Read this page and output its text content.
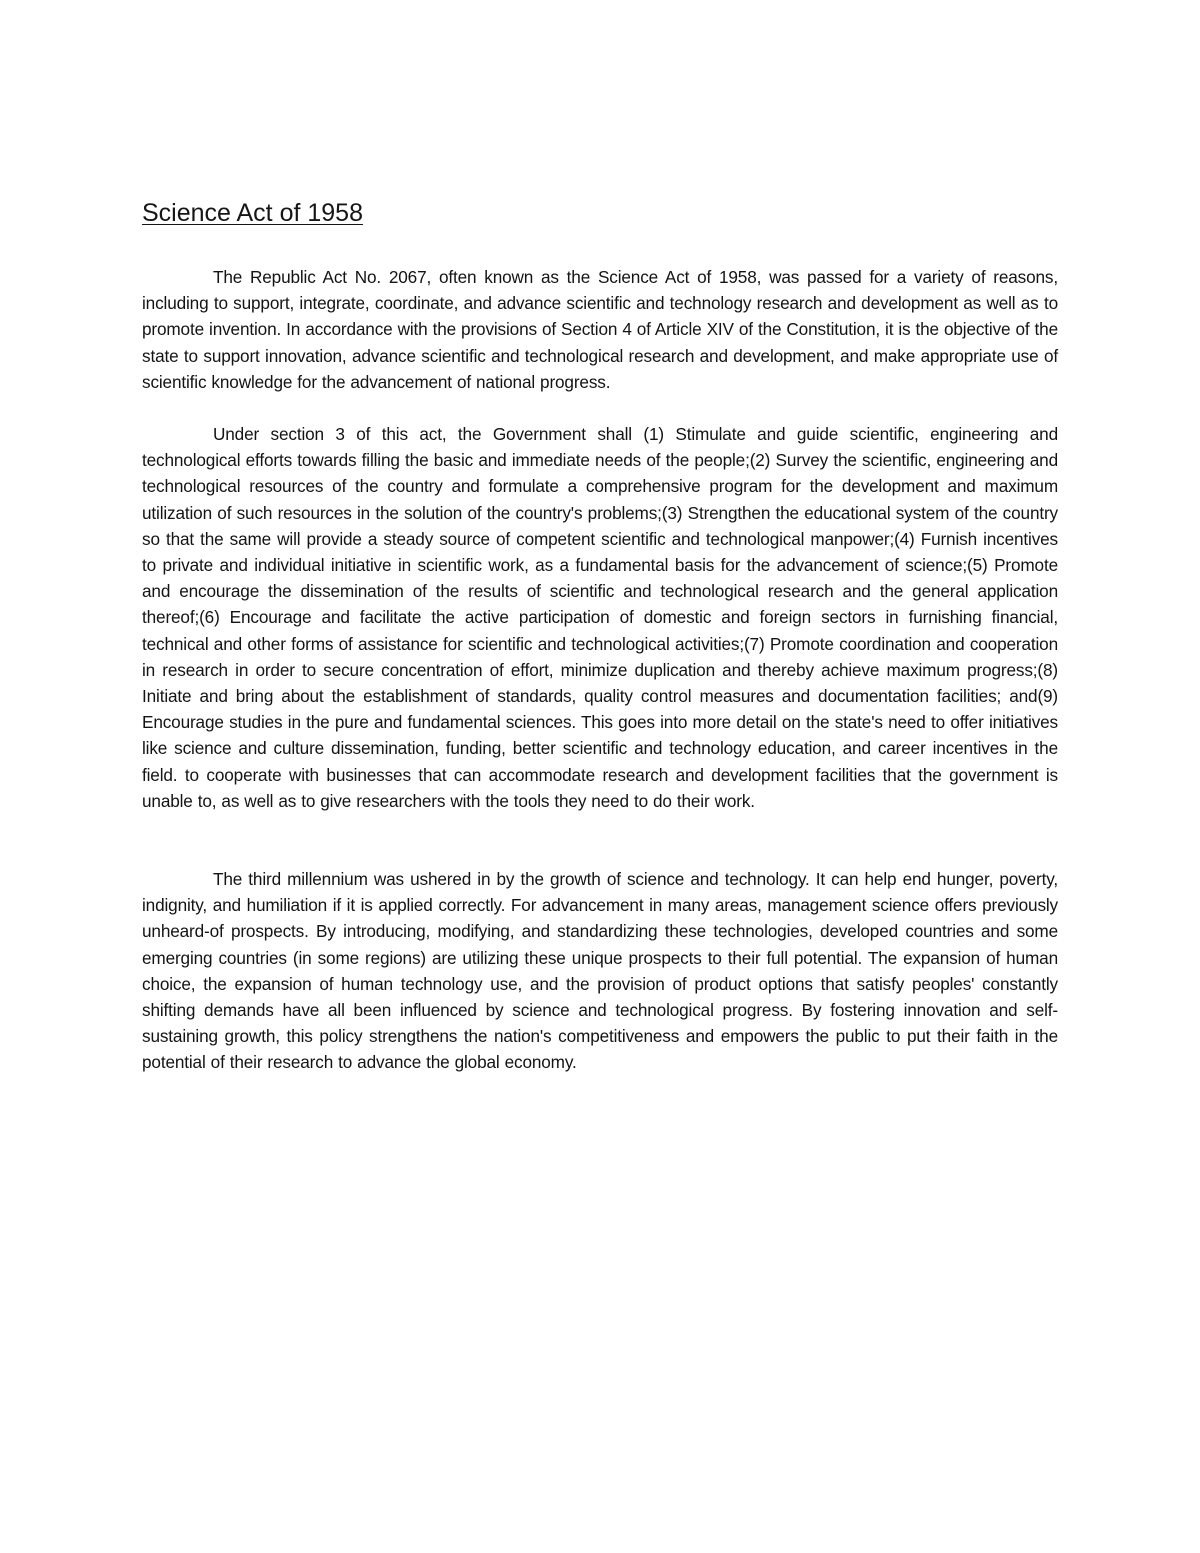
Science Act of 1958

The Republic Act No. 2067, often known as the Science Act of 1958, was passed for a variety of reasons, including to support, integrate, coordinate, and advance scientific and technology research and development as well as to promote invention. In accordance with the provisions of Section 4 of Article XIV of the Constitution, it is the objective of the state to support innovation, advance scientific and technological research and development, and make appropriate use of scientific knowledge for the advancement of national progress.

Under section 3 of this act, the Government shall (1) Stimulate and guide scientific, engineering and technological efforts towards filling the basic and immediate needs of the people;(2) Survey the scientific, engineering and technological resources of the country and formulate a comprehensive program for the development and maximum utilization of such resources in the solution of the country's problems;(3) Strengthen the educational system of the country so that the same will provide a steady source of competent scientific and technological manpower;(4) Furnish incentives to private and individual initiative in scientific work, as a fundamental basis for the advancement of science;(5) Promote and encourage the dissemination of the results of scientific and technological research and the general application thereof;(6) Encourage and facilitate the active participation of domestic and foreign sectors in furnishing financial, technical and other forms of assistance for scientific and technological activities;(7) Promote coordination and cooperation in research in order to secure concentration of effort, minimize duplication and thereby achieve maximum progress;(8) Initiate and bring about the establishment of standards, quality control measures and documentation facilities; and(9) Encourage studies in the pure and fundamental sciences. This goes into more detail on the state's need to offer initiatives like science and culture dissemination, funding, better scientific and technology education, and career incentives in the field. to cooperate with businesses that can accommodate research and development facilities that the government is unable to, as well as to give researchers with the tools they need to do their work.

The third millennium was ushered in by the growth of science and technology. It can help end hunger, poverty, indignity, and humiliation if it is applied correctly. For advancement in many areas, management science offers previously unheard-of prospects. By introducing, modifying, and standardizing these technologies, developed countries and some emerging countries (in some regions) are utilizing these unique prospects to their full potential. The expansion of human choice, the expansion of human technology use, and the provision of product options that satisfy peoples' constantly shifting demands have all been influenced by science and technological progress. By fostering innovation and self-sustaining growth, this policy strengthens the nation's competitiveness and empowers the public to put their faith in the potential of their research to advance the global economy.
